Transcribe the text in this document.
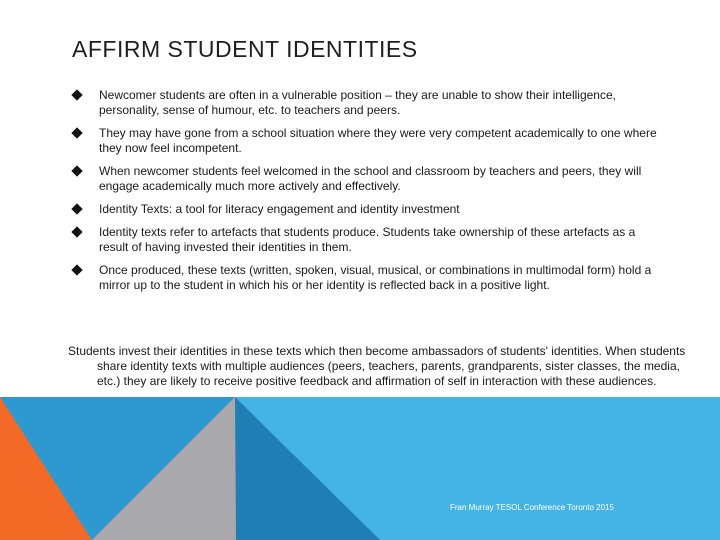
AFFIRM STUDENT IDENTITIES
Newcomer students are often in a vulnerable position – they are unable to show their intelligence, personality, sense of humour, etc. to teachers and peers.
They may have gone from a school situation where they were very competent academically to one where they now feel incompetent.
When newcomer students feel welcomed in the school and classroom by teachers and peers, they will engage academically much more actively and effectively.
Identity Texts: a tool for literacy engagement and identity investment
Identity texts refer to artefacts that students produce. Students take ownership of these artefacts as a result of having invested their identities in them.
Once produced, these texts (written, spoken, visual, musical, or combinations in multimodal form) hold a mirror up to the student in which his or her identity is reflected back in a positive light.
Students invest their identities in these texts which then become ambassadors of students' identities. When students share identity texts with multiple audiences (peers, teachers, parents, grandparents, sister classes, the media, etc.) they are likely to receive positive feedback and affirmation of self in interaction with these audiences.
Fran Murray TESOL Conference Toronto 2015
